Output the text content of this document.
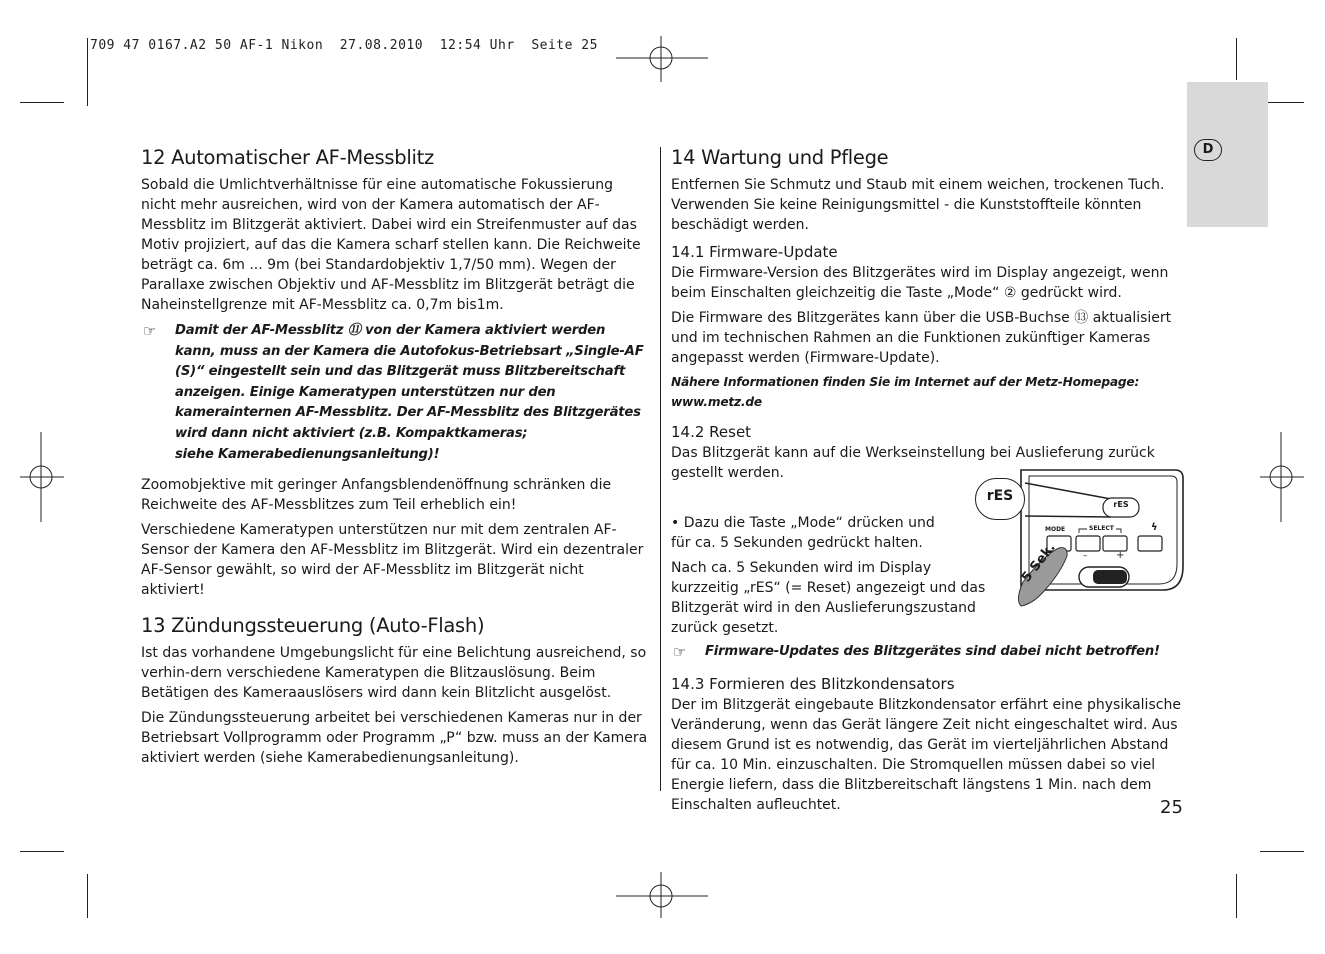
709 47 0167.A2 50 AF-1 Nikon  27.08.2010  12:54 Uhr  Seite 25
D
12 Automatischer AF-Messblitz

Sobald die Umlichtverhältnisse für eine automatische Fokussierung nicht mehr ausreichen, wird von der Kamera automatisch der AF-Messblitz im Blitzgerät aktiviert. Dabei wird ein Streifenmuster auf das Motiv projiziert, auf das die Kamera scharf stellen kann. Die Reichweite beträgt ca. 6m ... 9m (bei Standardobjektiv 1,7/50 mm). Wegen der Parallaxe zwischen Objektiv und AF-Messblitz im Blitzgerät beträgt die Naheinstellgrenze mit AF-Messblitz ca. 0,7m bis1m.

☞	Damit der AF-Messblitz ⑪ von der Kamera aktiviert werden kann, muss an der Kamera die Autofokus-Betriebsart „Single-AF (S)“ eingestellt sein und das Blitzgerät muss Blitzbereitschaft anzeigen. Einige Kameratypen unterstützen nur den kamerainternen AF-Messblitz. Der AF-Messblitz des Blitzgerätes wird dann nicht aktiviert (z.B. Kompaktkameras;
siehe Kamerabedienungsanleitung)!

Zoomobjektive mit geringer Anfangsblendenöffnung schränken die Reichweite des AF-Messblitzes zum Teil erheblich ein!

Verschiedene Kameratypen unterstützen nur mit dem zentralen AF-Sensor der Kamera den AF-Messblitz im Blitzgerät. Wird ein dezentraler AF-Sensor gewählt, so wird der AF-Messblitz im Blitzgerät nicht aktiviert!

13 Zündungssteuerung (Auto-Flash)

Ist das vorhandene Umgebungslicht für eine Belichtung ausreichend, so verhin-dern verschiedene Kameratypen die Blitzauslösung. Beim Betätigen des Kameraauslösers wird dann kein Blitzlicht ausgelöst.

Die Zündungssteuerung arbeitet bei verschiedenen Kameras nur in der Betriebsart Vollprogramm oder Programm „P“ bzw. muss an der Kamera aktiviert werden (siehe Kamerabedienungsanleitung).

14 Wartung und Pflege

Entfernen Sie Schmutz und Staub mit einem weichen, trockenen Tuch. Verwenden Sie keine Reinigungsmittel - die Kunststoffteile könnten beschädigt werden.

14.1 Firmware-Update

Die Firmware-Version des Blitzgerätes wird im Display angezeigt, wenn beim Einschalten gleichzeitig die Taste „Mode“ ② gedrückt wird.

Die Firmware des Blitzgerätes kann über die USB-Buchse ⑬ aktualisiert und im technischen Rahmen an die Funktionen zukünftiger Kameras angepasst werden (Firmware-Update).

Nähere Informationen finden Sie im Internet auf der Metz-Homepage: www.metz.de

14.2 Reset

Das Blitzgerät kann auf die Werkseinstellung bei Auslieferung zurück gestellt werden.

• Dazu die Taste „Mode“ drücken und für ca. 5 Sekunden gedrückt halten.

Nach ca. 5 Sekunden wird im Display kurzzeitig „rES“ (= Reset) angezeigt und das Blitzgerät wird in den Auslieferungszustand zurück gesetzt.

☞	Firmware-Updates des Blitzgerätes sind dabei nicht betroffen!
14.3 Formieren des Blitzkondensators

Der im Blitzgerät eingebaute Blitzkondensator erfährt eine physikalische Veränderung, wenn das Gerät längere Zeit nicht eingeschaltet wird. Aus diesem Grund ist es notwendig, das Gerät im vierteljährlichen Abstand für ca. 10 Min. einzuschalten. Die Stromquellen müssen dabei so viel Energie liefern, dass die Blitzbereitschaft längstens 1 Min. nach dem Einschalten aufleuchtet.

rES
rES
MODE	SELECT	ϟ
–	+
5 Sek.
25
